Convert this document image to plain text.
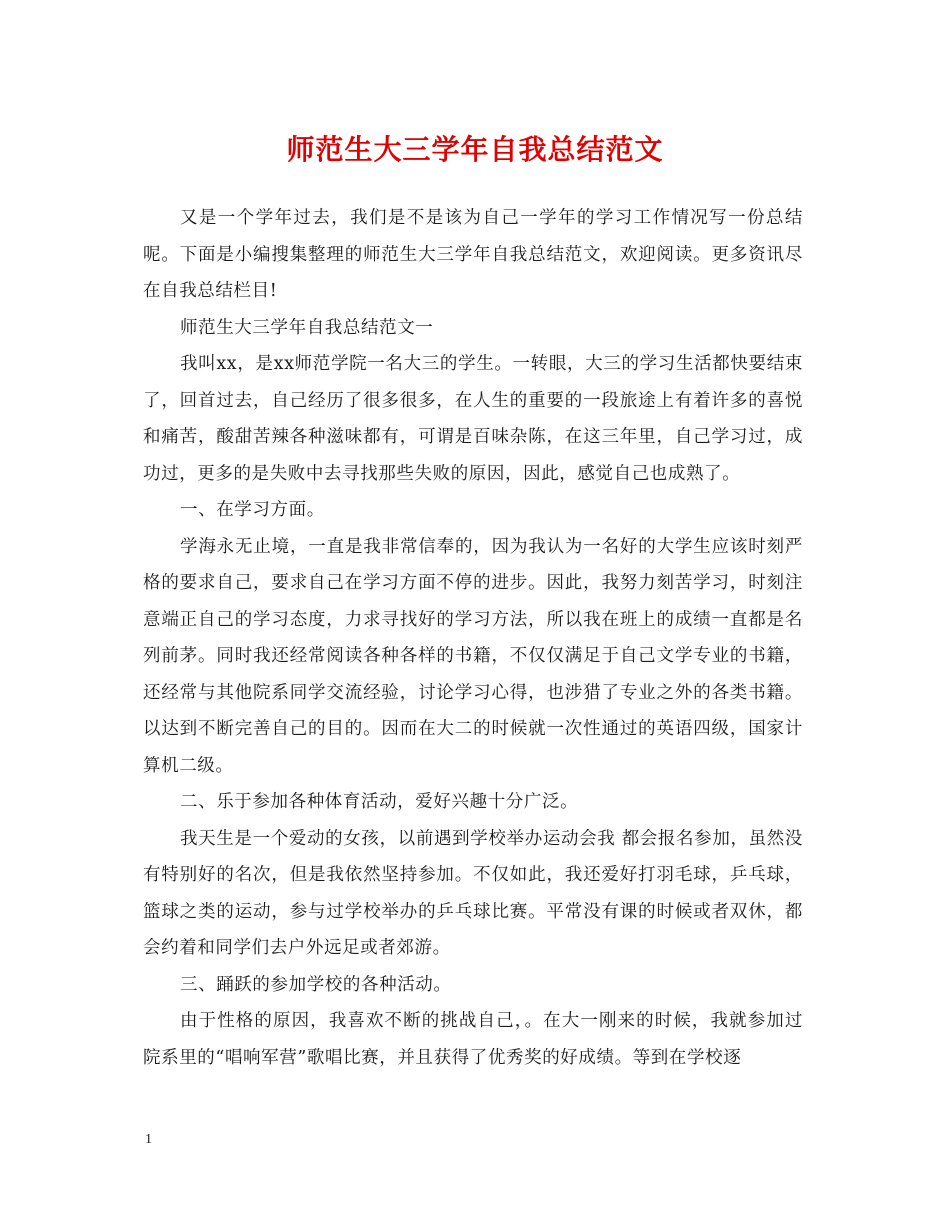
师范生大三学年自我总结范文

又是一个学年过去，我们是不是该为自己一学年的学习工作情况写一份总结呢。下面是小编搜集整理的师范生大三学年自我总结范文，欢迎阅读。更多资讯尽在自我总结栏目!

师范生大三学年自我总结范文一

我叫xx，是xx师范学院一名大三的学生。一转眼，大三的学习生活都快要结束了，回首过去，自己经历了很多很多，在人生的重要的一段旅途上有着许多的喜悦和痛苦，酸甜苦辣各种滋味都有，可谓是百味杂陈，在这三年里，自己学习过，成功过，更多的是失败中去寻找那些失败的原因，因此，感觉自己也成熟了。

一、在学习方面。

学海永无止境，一直是我非常信奉的，因为我认为一名好的大学生应该时刻严格的要求自己，要求自己在学习方面不停的进步。因此，我努力刻苦学习，时刻注意端正自己的学习态度，力求寻找好的学习方法，所以我在班上的成绩一直都是名列前茅。同时我还经常阅读各种各样的书籍，不仅仅满足于自己文学专业的书籍，还经常与其他院系同学交流经验，讨论学习心得，也涉猎了专业之外的各类书籍。以达到不断完善自己的目的。因而在大二的时候就一次性通过的英语四级，国家计算机二级。

二、乐于参加各种体育活动，爱好兴趣十分广泛。

我天生是一个爱动的女孩，以前遇到学校举办运动会我 都会报名参加，虽然没有特别好的名次，但是我依然坚持参加。不仅如此，我还爱好打羽毛球，乒乓球，篮球之类的运动，参与过学校举办的乒乓球比赛。平常没有课的时候或者双休，都会约着和同学们去户外远足或者郊游。

三、踊跃的参加学校的各种活动。

由于性格的原因，我喜欢不断的挑战自己，。在大一刚来的时候，我就参加过院系里的“唱响军营”歌唱比赛，并且获得了优秀奖的好成绩。等到在学校逐

1
